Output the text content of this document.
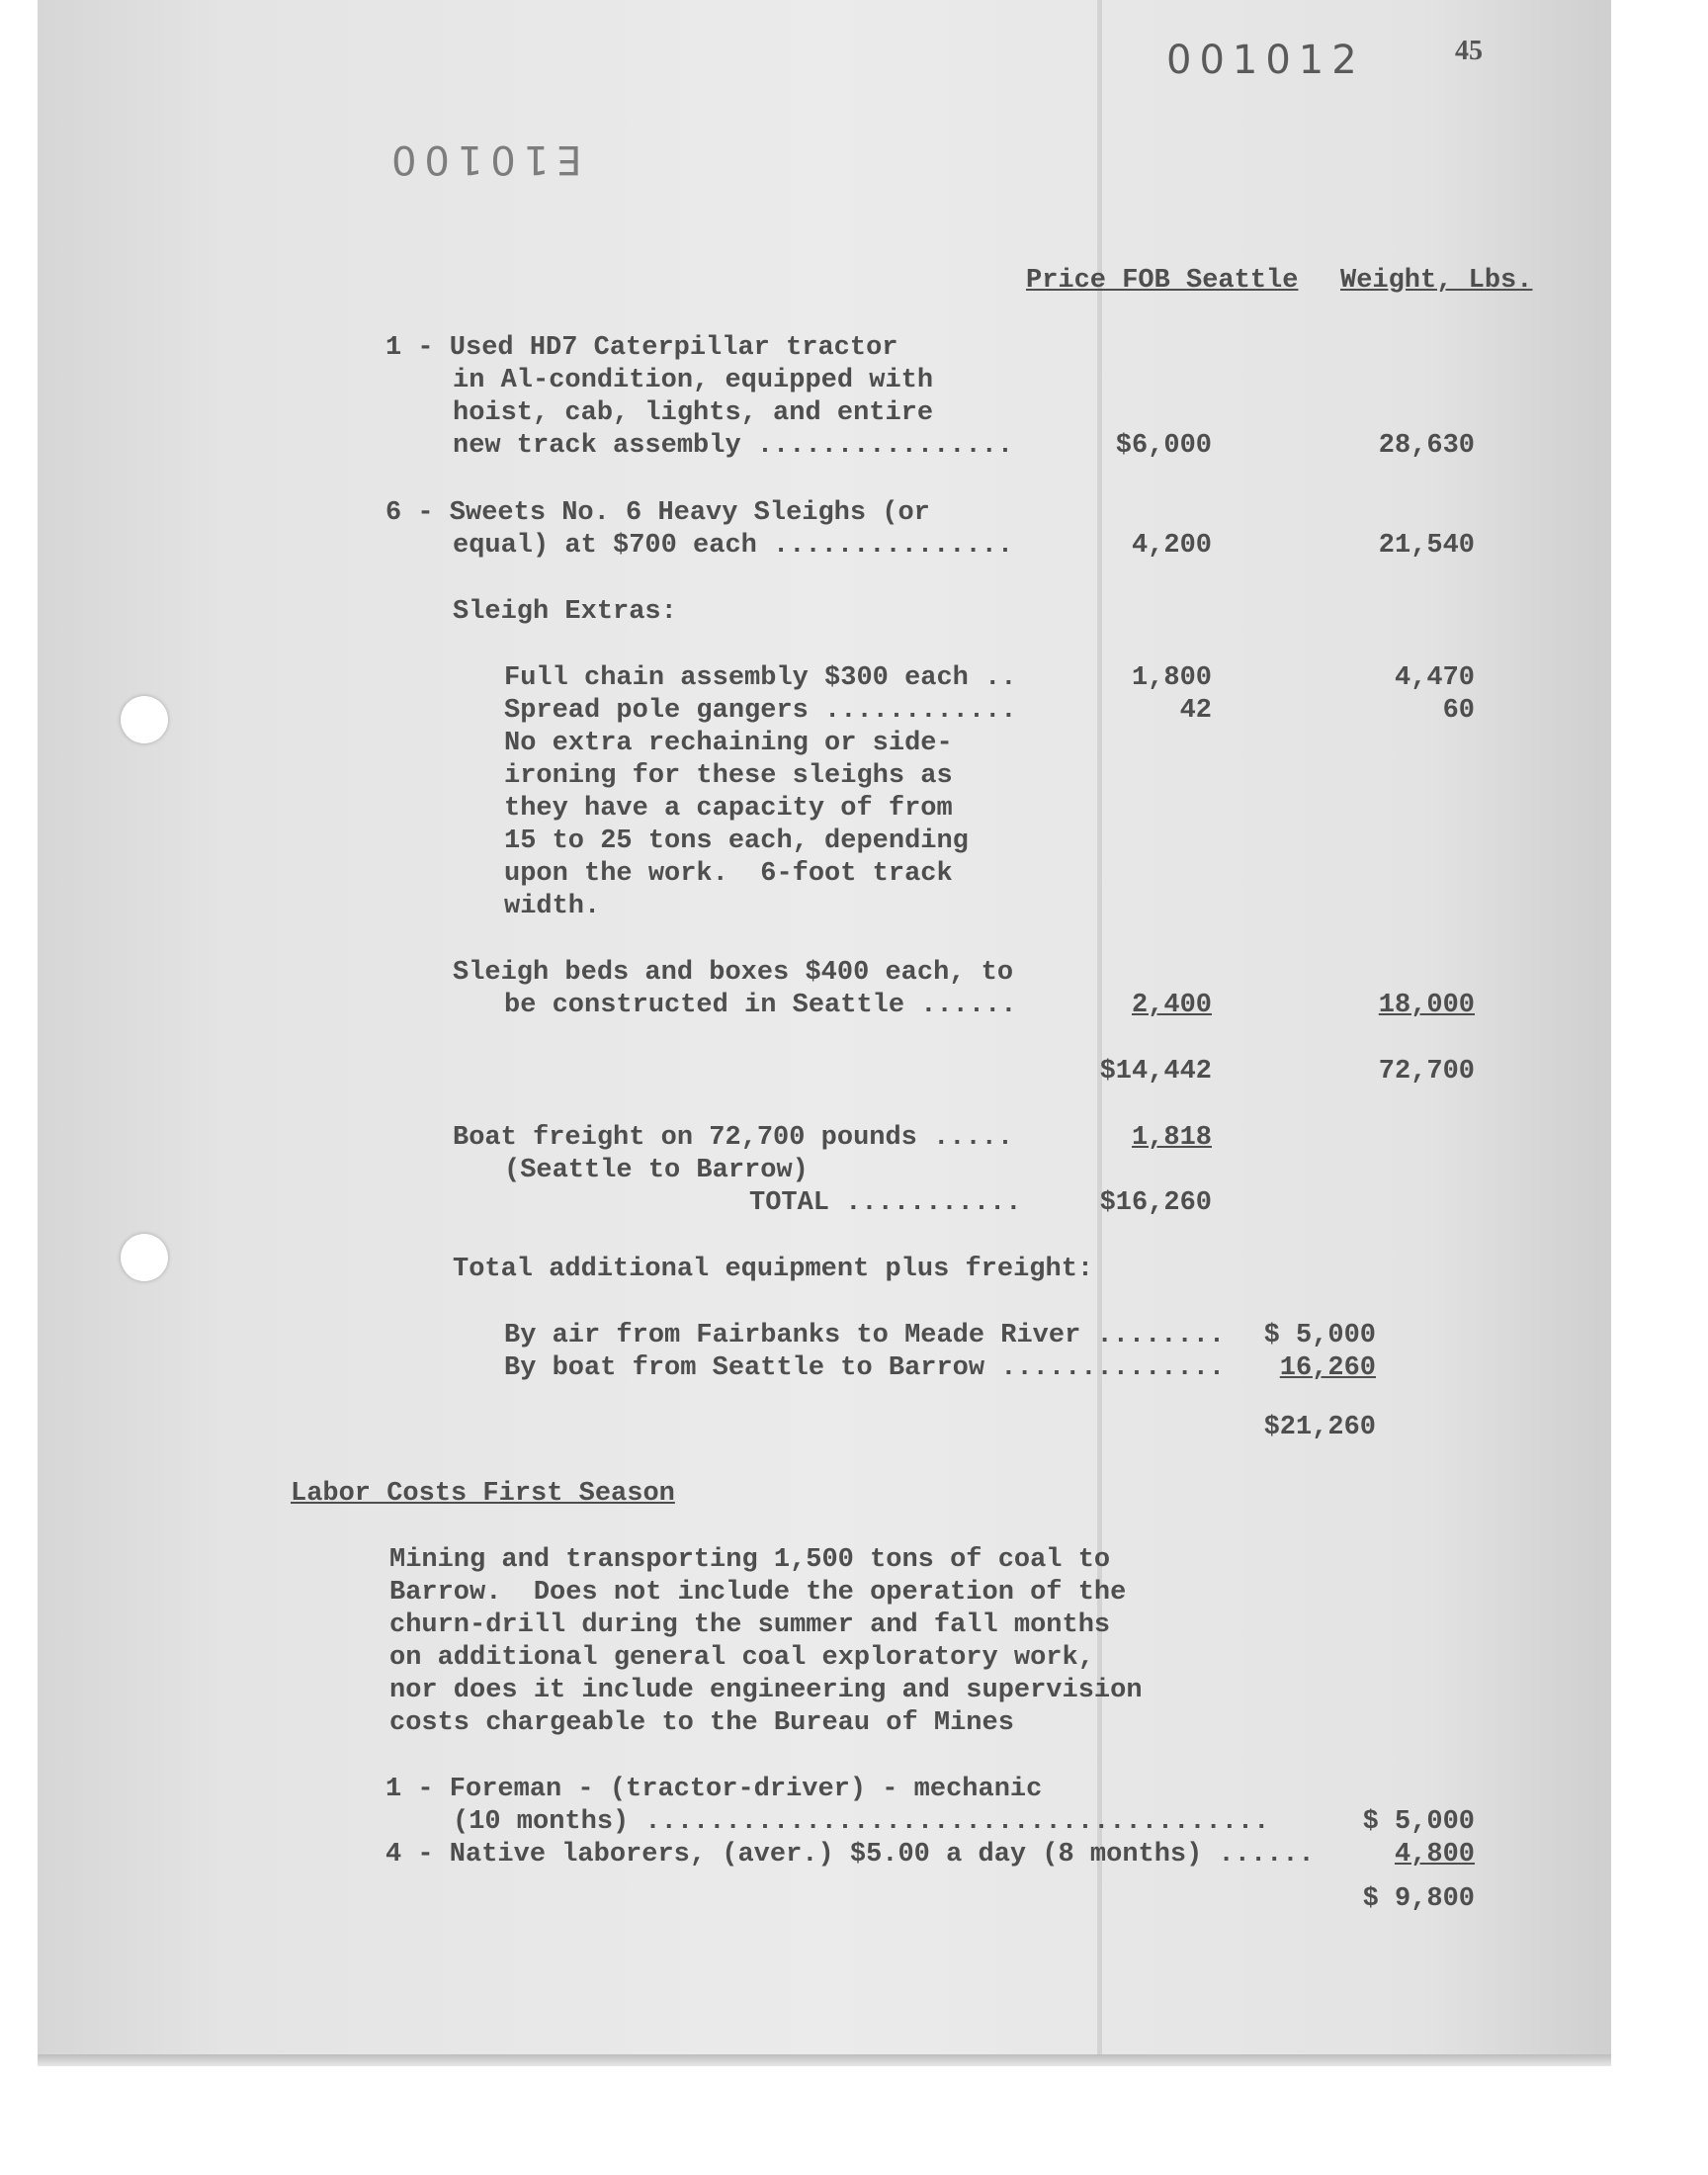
001012
E10100
45
Price FOB Seattle Weight, Lbs.
1 - Used HD7 Caterpillar tractor
in Al-condition, equipped with
hoist, cab, lights, and entire
new track assembly ................	$6,000	28,630
6 - Sweets No. 6 Heavy Sleighs (or
equal) at $700 each ...............	4,200	21,540
Sleigh Extras:
Full chain assembly $300 each ..	1,800	4,470
Spread pole gangers ............	42	60
No extra rechaining or side-
ironing for these sleighs as
they have a capacity of from
15 to 25 tons each, depending
upon the work.  6-foot track
width.
Sleigh beds and boxes $400 each, to
be constructed in Seattle ......	2,400	18,000
$14,442	72,700
Boat freight on 72,700 pounds .....	1,818
(Seattle to Barrow)
TOTAL ...........	$16,260
Total additional equipment plus freight:
By air from Fairbanks to Meade River ........	$ 5,000
By boat from Seattle to Barrow ..............	16,260
$21,260
Labor Costs First Season
Mining and transporting 1,500 tons of coal to
Barrow.  Does not include the operation of the
churn-drill during the summer and fall months
on additional general coal exploratory work,
nor does it include engineering and supervision
costs chargeable to the Bureau of Mines
1 - Foreman - (tractor-driver) - mechanic
(10 months) .......................................	$ 5,000
4 - Native laborers, (aver.) $5.00 a day (8 months) ......	4,800
$ 9,800
